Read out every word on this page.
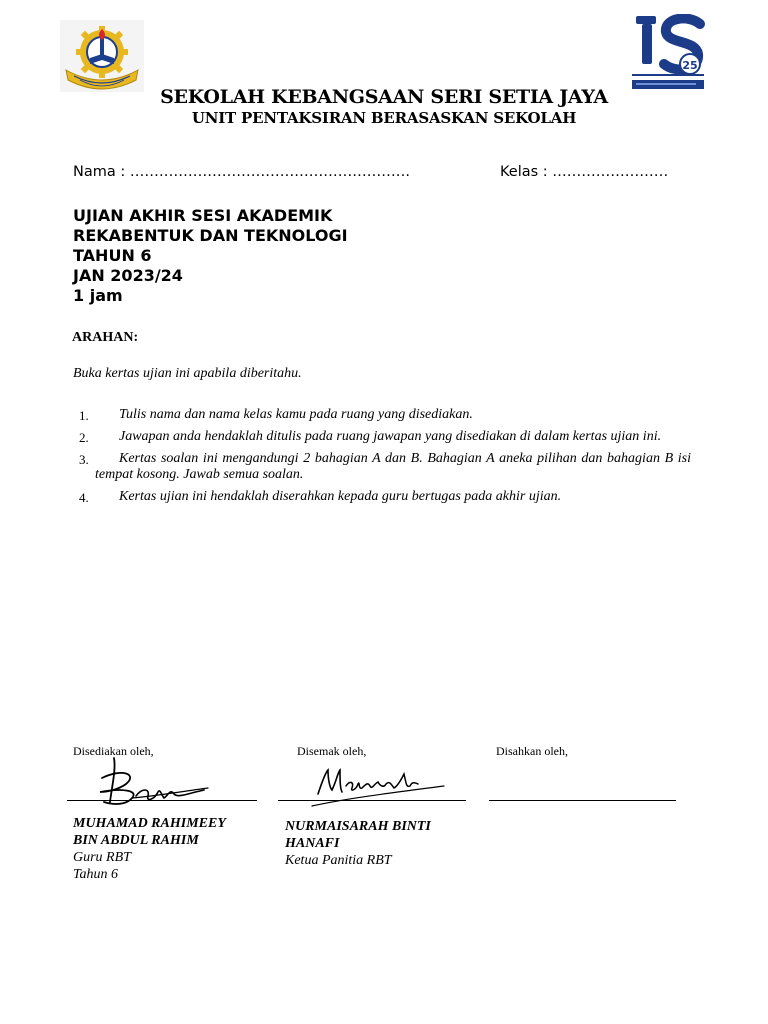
25
SEKOLAH KEBANGSAAN SERI SETIA JAYA
UNIT PENTAKSIRAN BERASASKAN SEKOLAH
Nama : ………………………………………………….	Kelas : ……………………
UJIAN AKHIR SESI AKADEMIK
REKABENTUK DAN TEKNOLOGI
TAHUN 6
JAN 2023/24
1 jam
ARAHAN:
Buka kertas ujian ini apabila diberitahu.
1.	Tulis nama dan nama kelas kamu pada ruang yang disediakan.
2.	Jawapan anda hendaklah ditulis pada ruang jawapan yang disediakan di dalam kertas ujian ini.
3.	Kertas soalan ini mengandungi 2 bahagian A dan B. Bahagian A aneka pilihan dan bahagian B isi tempat kosong. Jawab semua soalan.
4.	Kertas ujian ini hendaklah diserahkan kepada guru bertugas pada akhir ujian.
Disediakan oleh,	Disemak oleh,	Disahkan oleh,
MUHAMAD RAHIMEEY
BIN ABDUL RAHIM
Guru RBT
Tahun 6
NURMAISARAH BINTI
HANAFI
Ketua Panitia RBT
